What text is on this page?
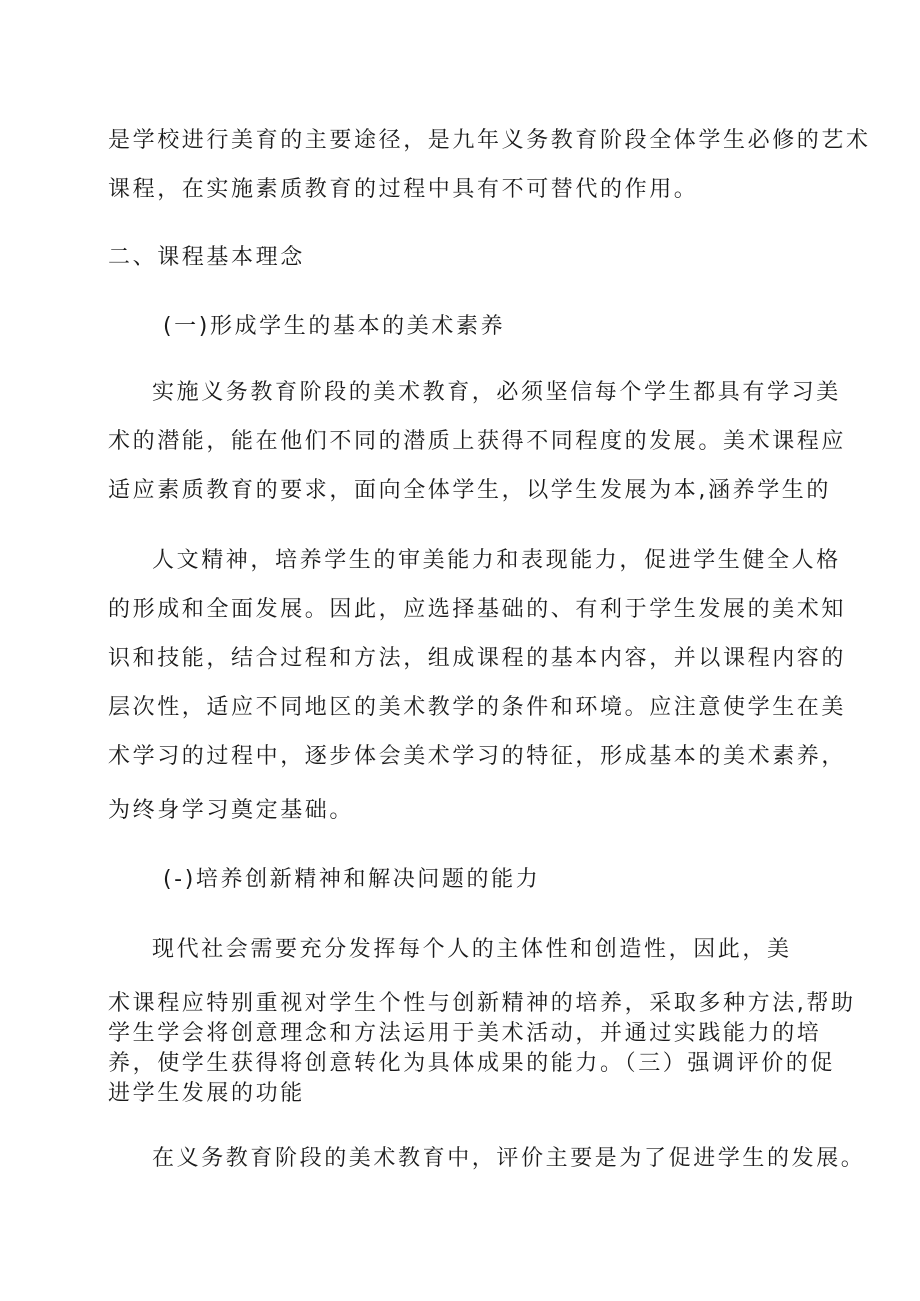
是学校进行美育的主要途径，是九年义务教育阶段全体学生必修的艺术
课程，在实施素质教育的过程中具有不可替代的作用。
二、课程基本理念
(一)形成学生的基本的美术素养
实施义务教育阶段的美术教育，必须坚信每个学生都具有学习美
术的潜能，能在他们不同的潜质上获得不同程度的发展。美术课程应
适应素质教育的要求，面向全体学生，以学生发展为本,涵养学生的
人文精神，培养学生的审美能力和表现能力，促进学生健全人格
的形成和全面发展。因此，应选择基础的、有利于学生发展的美术知
识和技能，结合过程和方法，组成课程的基本内容，并以课程内容的
层次性，适应不同地区的美术教学的条件和环境。应注意使学生在美
术学习的过程中，逐步体会美术学习的特征，形成基本的美术素养，
为终身学习奠定基础。
(-)培养创新精神和解决问题的能力
现代社会需要充分发挥每个人的主体性和创造性，因此，美
术课程应特别重视对学生个性与创新精神的培养，采取多种方法,帮助
学生学会将创意理念和方法运用于美术活动，并通过实践能力的培
养，使学生获得将创意转化为具体成果的能力。（三）强调评价的促
进学生发展的功能
在义务教育阶段的美术教育中，评价主要是为了促进学生的发展。
